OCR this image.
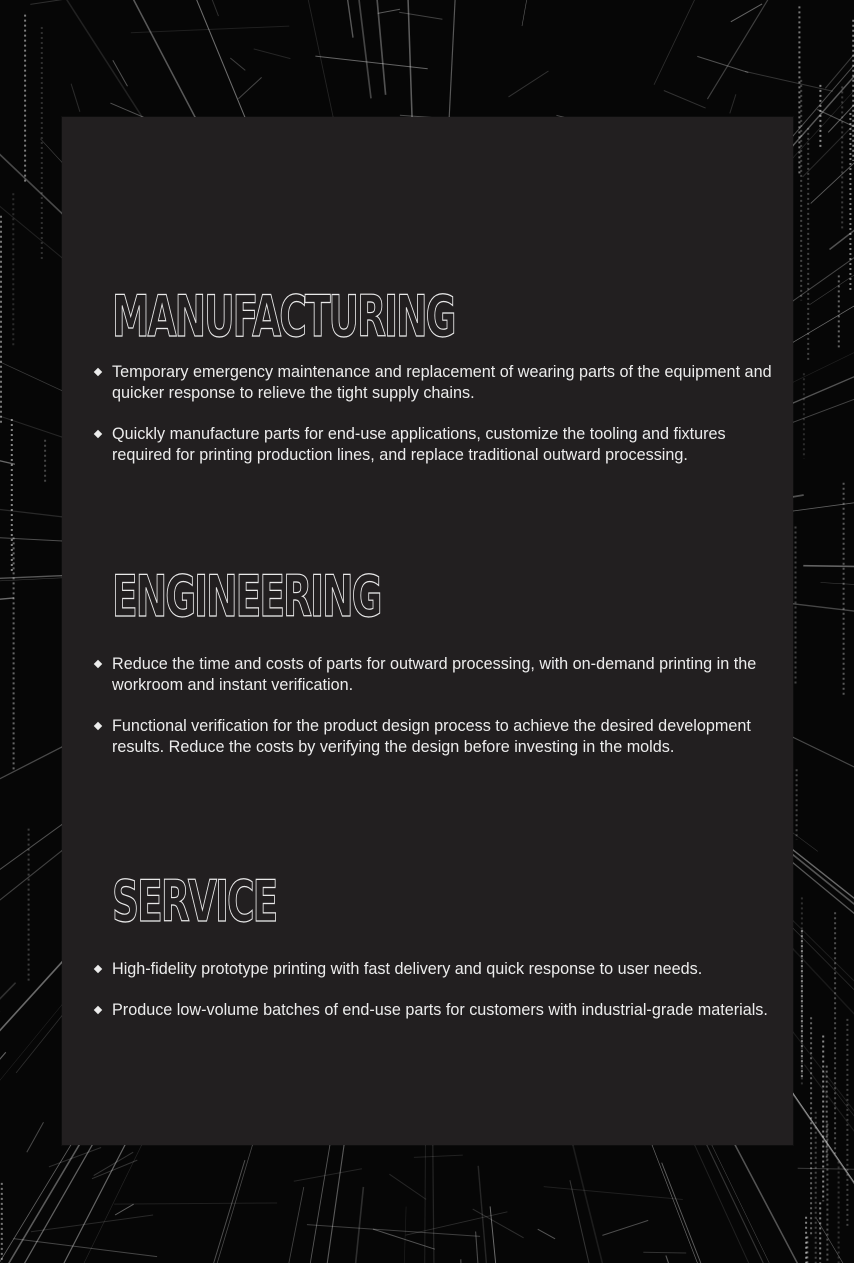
MANUFACTURING
Temporary emergency maintenance and replacement of wearing parts of the equipment and quicker response to relieve the tight supply chains.
Quickly manufacture parts for end-use applications, customize the tooling and fixtures required for printing production lines, and replace traditional outward processing.
ENGINEERING
Reduce the time and costs of parts for outward processing, with on-demand printing in the workroom and instant verification.
Functional verification for the product design process to achieve the desired development results. Reduce the costs by verifying the design before investing in the molds.
SERVICE
High-fidelity prototype printing with fast delivery and quick response to user needs.
Produce low-volume batches of end-use parts for customers with industrial-grade materials.
